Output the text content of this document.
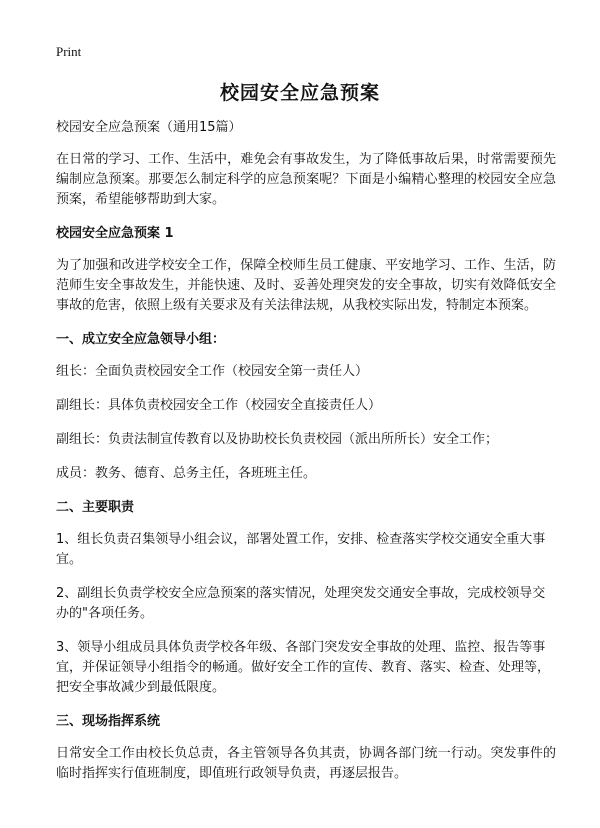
Print
校园安全应急预案
校园安全应急预案（通用15篇）

在日常的学习、工作、生活中，难免会有事故发生，为了降低事故后果，时常需要预先编制应急预案。那要怎么制定科学的应急预案呢？下面是小编精心整理的校园安全应急预案，希望能够帮助到大家。

校园安全应急预案 1

为了加强和改进学校安全工作，保障全校师生员工健康、平安地学习、工作、生活，防范师生安全事故发生，并能快速、及时、妥善处理突发的安全事故，切实有效降低安全事故的危害，依照上级有关要求及有关法律法规，从我校实际出发，特制定本预案。

一、成立安全应急领导小组：

组长：全面负责校园安全工作（校园安全第一责任人）

副组长：具体负责校园安全工作（校园安全直接责任人）

副组长：负责法制宣传教育以及协助校长负责校园（派出所所长）安全工作；

成员：教务、德育、总务主任，各班班主任。

二、主要职责

1、组长负责召集领导小组会议，部署处置工作，安排、检查落实学校交通安全重大事宜。

2、副组长负责学校安全应急预案的落实情况，处理突发交通安全事故，完成校领导交办的"各项任务。

3、领导小组成员具体负责学校各年级、各部门突发安全事故的处理、监控、报告等事宜，并保证领导小组指令的畅通。做好安全工作的宣传、教育、落实、检查、处理等，把安全事故减少到最低限度。

三、现场指挥系统

日常安全工作由校长负总责，各主管领导各负其责，协调各部门统一行动。突发事件的临时指挥实行值班制度，即值班行政领导负责，再逐层报告。
